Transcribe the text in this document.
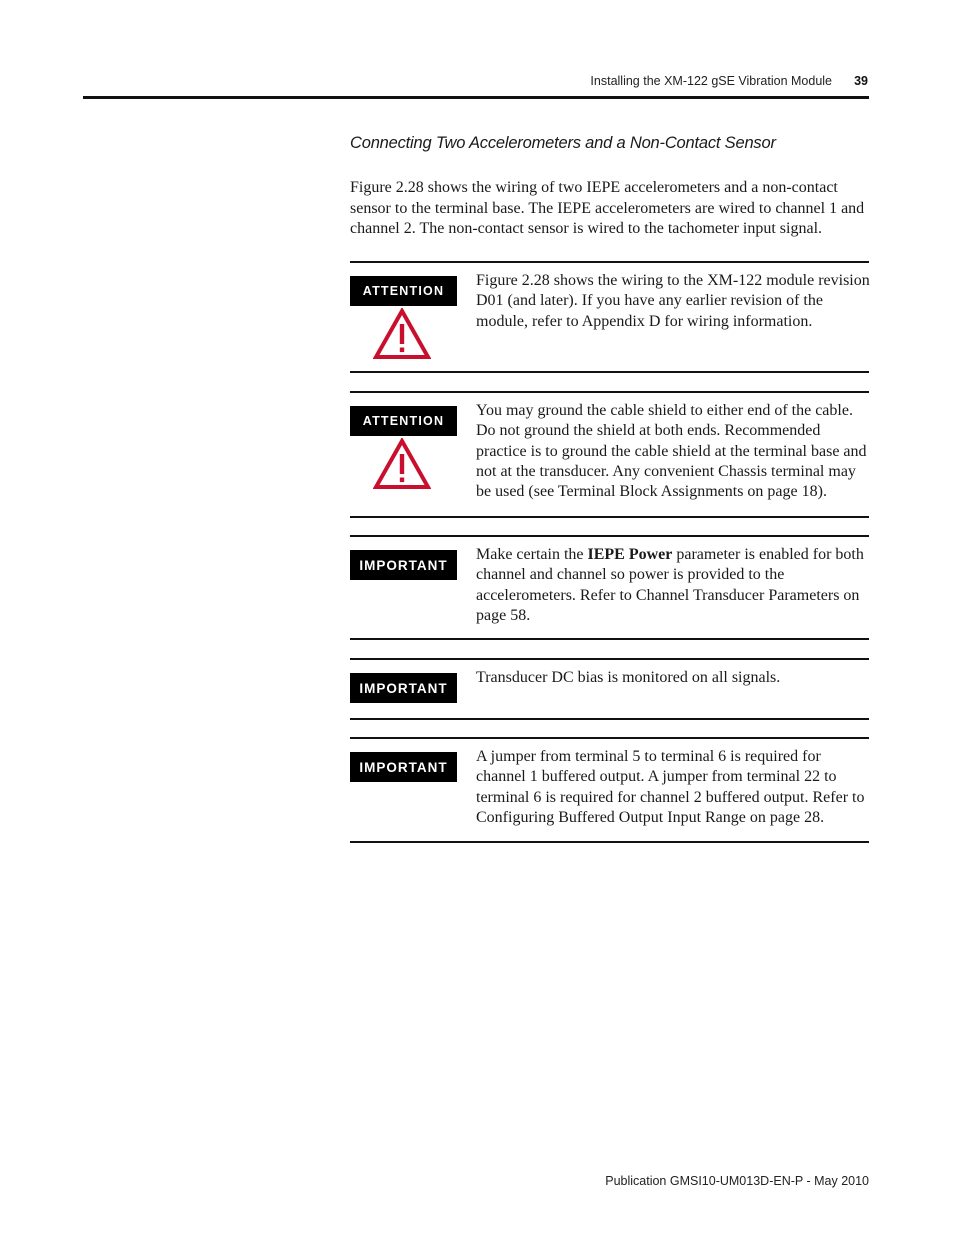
Installing the XM-122 gSE Vibration Module 39
Connecting Two Accelerometers and a Non-Contact Sensor

Figure 2.28 shows the wiring of two IEPE accelerometers and a non-contact sensor to the terminal base. The IEPE accelerometers are wired to channel 1 and channel 2. The non-contact sensor is wired to the tachometer input signal.

ATTENTION

Figure 2.28 shows the wiring to the XM-122 module revision D01 (and later). If you have any earlier revision of the module, refer to Appendix D for wiring information.

ATTENTION

You may ground the cable shield to either end of the cable. Do not ground the shield at both ends. Recommended practice is to ground the cable shield at the terminal base and not at the transducer. Any convenient Chassis terminal may be used (see Terminal Block Assignments on page 18).

IMPORTANT

Make certain the IEPE Power parameter is enabled for both channel and channel so power is provided to the accelerometers. Refer to Channel Transducer Parameters on page 58.

IMPORTANT

Transducer DC bias is monitored on all signals.

IMPORTANT

A jumper from terminal 5 to terminal 6 is required for channel 1 buffered output. A jumper from terminal 22 to terminal 6 is required for channel 2 buffered output. Refer to Configuring Buffered Output Input Range on page 28.

Publication GMSI10-UM013D-EN-P - May 2010
